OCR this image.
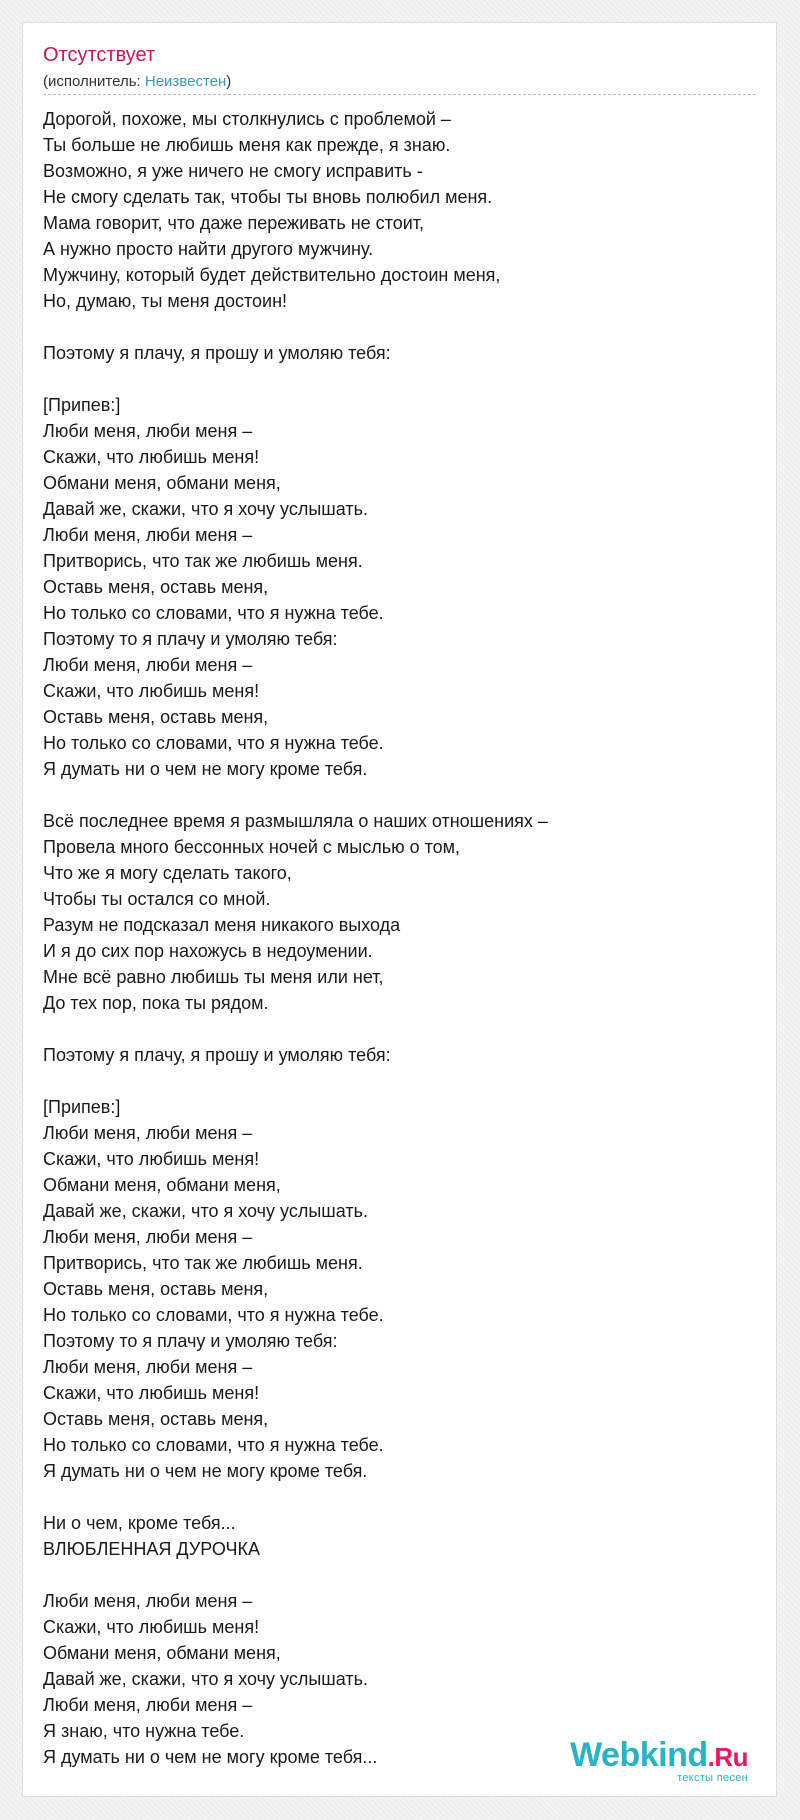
Отсутствует
(исполнитель: Неизвестен)
Дорогой, похоже, мы столкнулись с проблемой –
Ты больше не любишь меня как прежде, я знаю.
Возможно, я уже ничего не смогу исправить -
Не смогу сделать так, чтобы ты вновь полюбил меня.
Мама говорит, что даже переживать не стоит,
А нужно просто найти другого мужчину.
Мужчину, который будет действительно достоин меня,
Но, думаю, ты меня достоин!
Поэтому я плачу, я прошу и умоляю тебя:
[Припев:]
Люби меня, люби меня –
Скажи, что любишь меня!
Обмани меня, обмани меня,
Давай же, скажи, что я хочу услышать.
Люби меня, люби меня –
Притворись, что так же любишь меня.
Оставь меня, оставь меня,
Но только со словами, что я нужна тебе.
Поэтому то я плачу и умоляю тебя:
Люби меня, люби меня –
Скажи, что любишь меня!
Оставь меня, оставь меня,
Но только со словами, что я нужна тебе.
Я думать ни о чем не могу кроме тебя.
Всё последнее время я размышляла о наших отношениях –
Провела много бессонных ночей с мыслью о том,
Что же я могу сделать такого,
Чтобы ты остался со мной.
Разум не подсказал меня никакого выхода
И я до сих пор нахожусь в недоумении.
Мне всё равно любишь ты меня или нет,
До тех пор, пока ты рядом.
Поэтому я плачу, я прошу и умоляю тебя:
[Припев:]
Люби меня, люби меня –
Скажи, что любишь меня!
Обмани меня, обмани меня,
Давай же, скажи, что я хочу услышать.
Люби меня, люби меня –
Притворись, что так же любишь меня.
Оставь меня, оставь меня,
Но только со словами, что я нужна тебе.
Поэтому то я плачу и умоляю тебя:
Люби меня, люби меня –
Скажи, что любишь меня!
Оставь меня, оставь меня,
Но только со словами, что я нужна тебе.
Я думать ни о чем не могу кроме тебя.
Ни о чем, кроме тебя...
ВЛЮБЛЕННАЯ ДУРОЧКА
Люби меня, люби меня –
Скажи, что любишь меня!
Обмани меня, обмани меня,
Давай же, скажи, что я хочу услышать.
Люби меня, люби меня –
Я знаю, что нужна тебе.
Я думать ни о чем не могу кроме тебя...	Webkind.Ru
тексты песен
